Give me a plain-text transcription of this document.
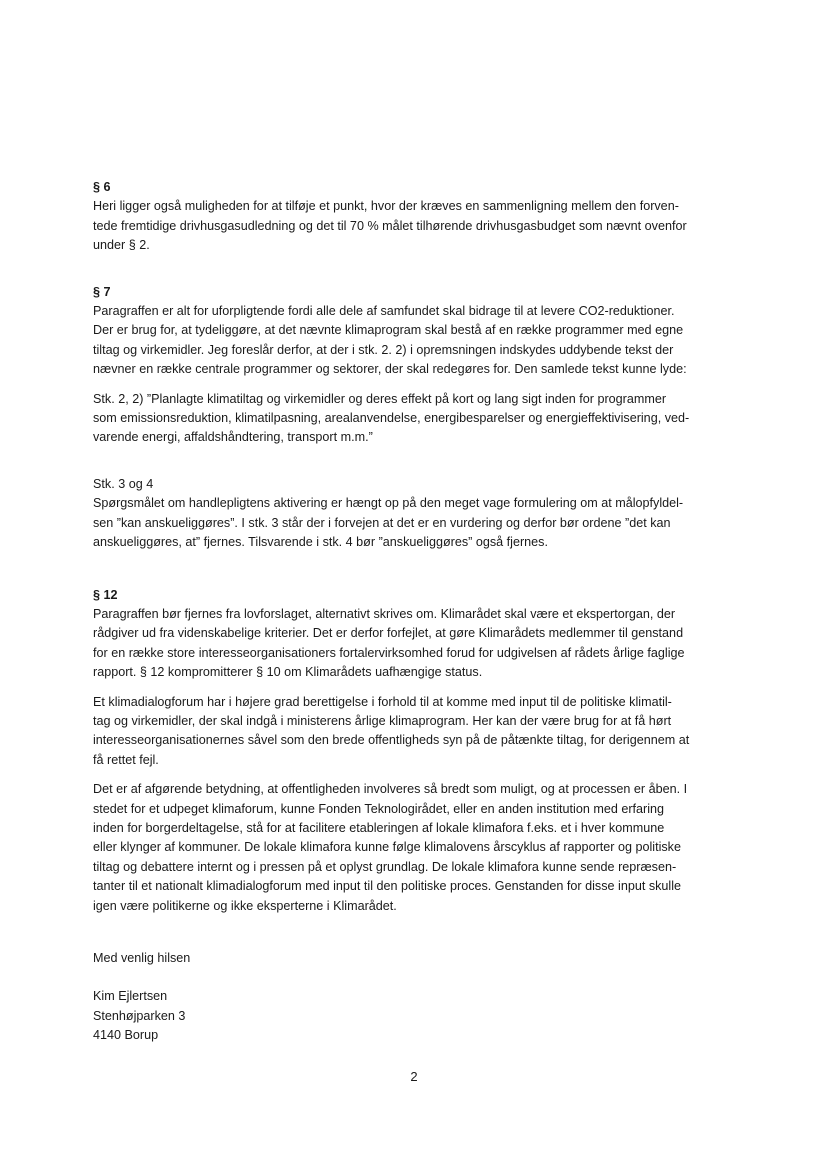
§ 6

Heri ligger også muligheden for at tilføje et punkt, hvor der kræves en sammenligning mellem den forven-
tede fremtidige drivhusgasudledning og det til 70 % målet tilhørende drivhusgasbudget som nævnt ovenfor
under § 2.

§ 7

Paragraffen er alt for uforpligtende fordi alle dele af samfundet skal bidrage til at levere CO2-reduktioner.
Der er brug for, at tydeliggøre, at det nævnte klimaprogram skal bestå af en række programmer med egne
tiltag og virkemidler. Jeg foreslår derfor, at der i stk. 2. 2) i opremsningen indskydes uddybende tekst der
nævner en række centrale programmer og sektorer, der skal redegøres for. Den samlede tekst kunne lyde:

Stk. 2, 2) ”Planlagte klimatiltag og virkemidler og deres effekt på kort og lang sigt inden for programmer
som emissionsreduktion, klimatilpasning, arealanvendelse, energibesparelser og energieffektivisering, ved-
varende energi, affaldshåndtering, transport m.m.”

Stk. 3 og 4

Spørgsmålet om handlepligtens aktivering er hængt op på den meget vage formulering om at målopfyldel-
sen ”kan anskueliggøres”. I stk. 3 står der i forvejen at det er en vurdering og derfor bør ordene ”det kan
anskueliggøres, at” fjernes. Tilsvarende i stk. 4 bør ”anskueliggøres” også fjernes.

§ 12

Paragraffen bør fjernes fra lovforslaget, alternativt skrives om. Klimarådet skal være et ekspertorgan, der
rådgiver ud fra videnskabelige kriterier. Det er derfor forfejlet, at gøre Klimarådets medlemmer til genstand
for en række store interesseorganisationers fortalervirksomhed forud for udgivelsen af rådets årlige faglige
rapport. § 12 kompromitterer § 10 om Klimarådets uafhængige status.

Et klimadialogforum har i højere grad berettigelse i forhold til at komme med input til de politiske klimatil-
tag og virkemidler, der skal indgå i ministerens årlige klimaprogram. Her kan der være brug for at få hørt
interesseorganisationernes såvel som den brede offentligheds syn på de påtænkte tiltag, for derigennem at
få rettet fejl.

Det er af afgørende betydning, at offentligheden involveres så bredt som muligt, og at processen er åben. I
stedet for et udpeget klimaforum, kunne Fonden Teknologirådet, eller en anden institution med erfaring
inden for borgerdeltagelse, stå for at facilitere etableringen af lokale klimafora f.eks. et i hver kommune
eller klynger af kommuner. De lokale klimafora kunne følge klimalovens årscyklus af rapporter og politiske
tiltag og debattere internt og i pressen på et oplyst grundlag. De lokale klimafora kunne sende repræsen-
tanter til et nationalt klimadialogforum med input til den politiske proces. Genstanden for disse input skulle
igen være politikerne og ikke eksperterne i Klimarådet.

Med venlig hilsen
Kim Ejlertsen
Stenhøjparken 3
4140 Borup
2
